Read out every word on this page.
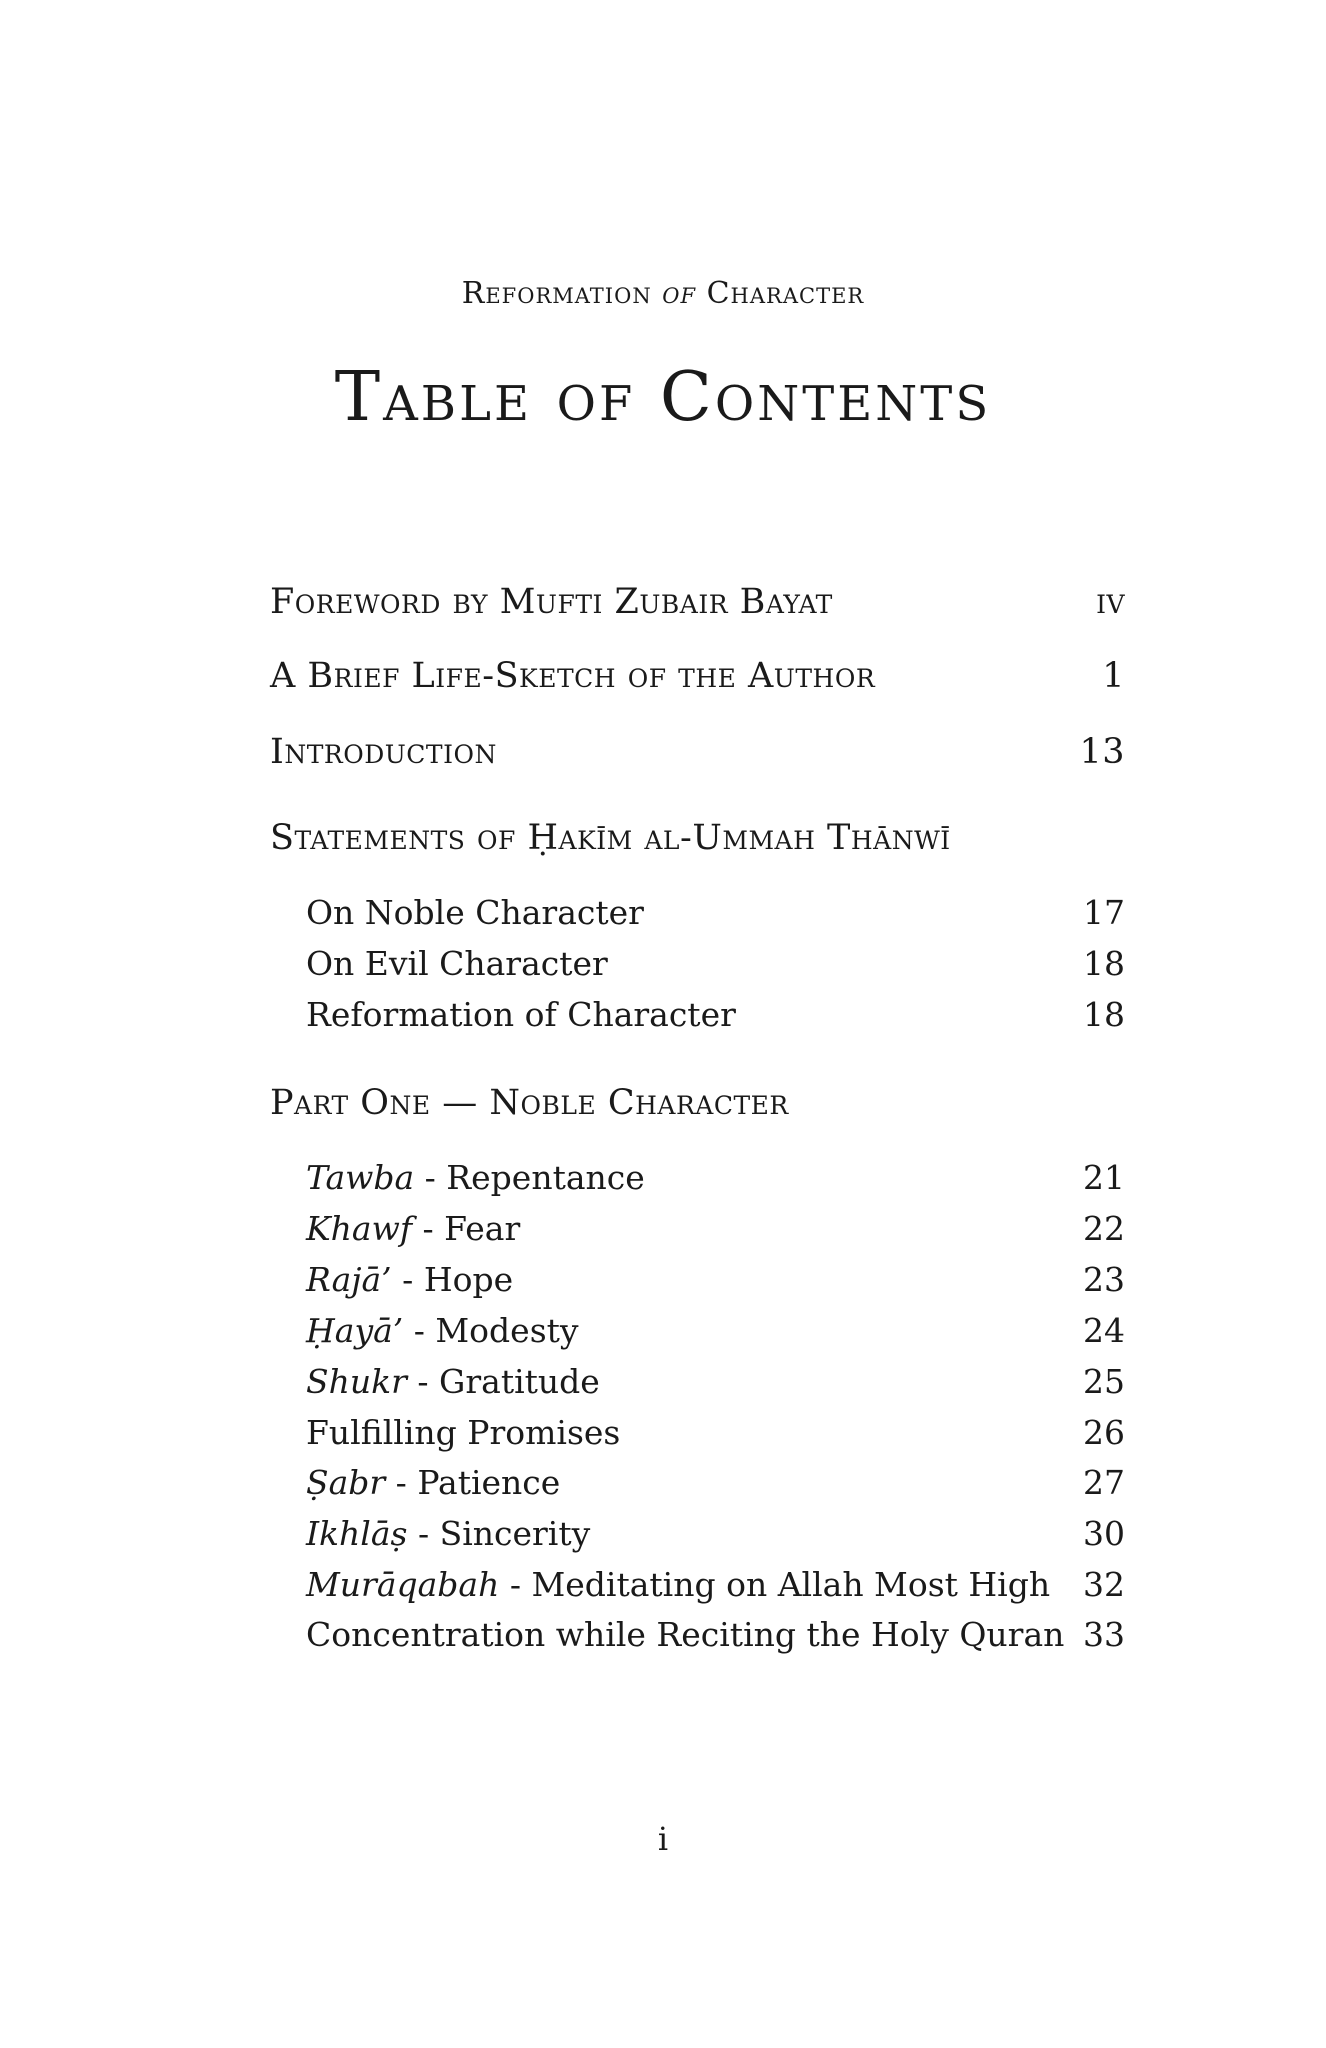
Reformation of Character
Table of Contents
Foreword by Mufti Zubair Bayat	iv
A Brief Life-Sketch of the Author	1
Introduction	13
Statements of Ḥakīm al-Ummah Thānwī
On Noble Character	17
On Evil Character	18
Reformation of Character	18
Part One — Noble Character
Tawba - Repentance	21
Khawf - Fear	22
Rajā’ - Hope	23
Ḥayā’ - Modesty	24
Shukr - Gratitude	25
Fulfilling Promises	26
Ṣabr - Patience	27
Ikhlāṣ - Sincerity	30
Murāqabah - Meditating on Allah Most High 32
Concentration while Reciting the Holy Quran 33
i
